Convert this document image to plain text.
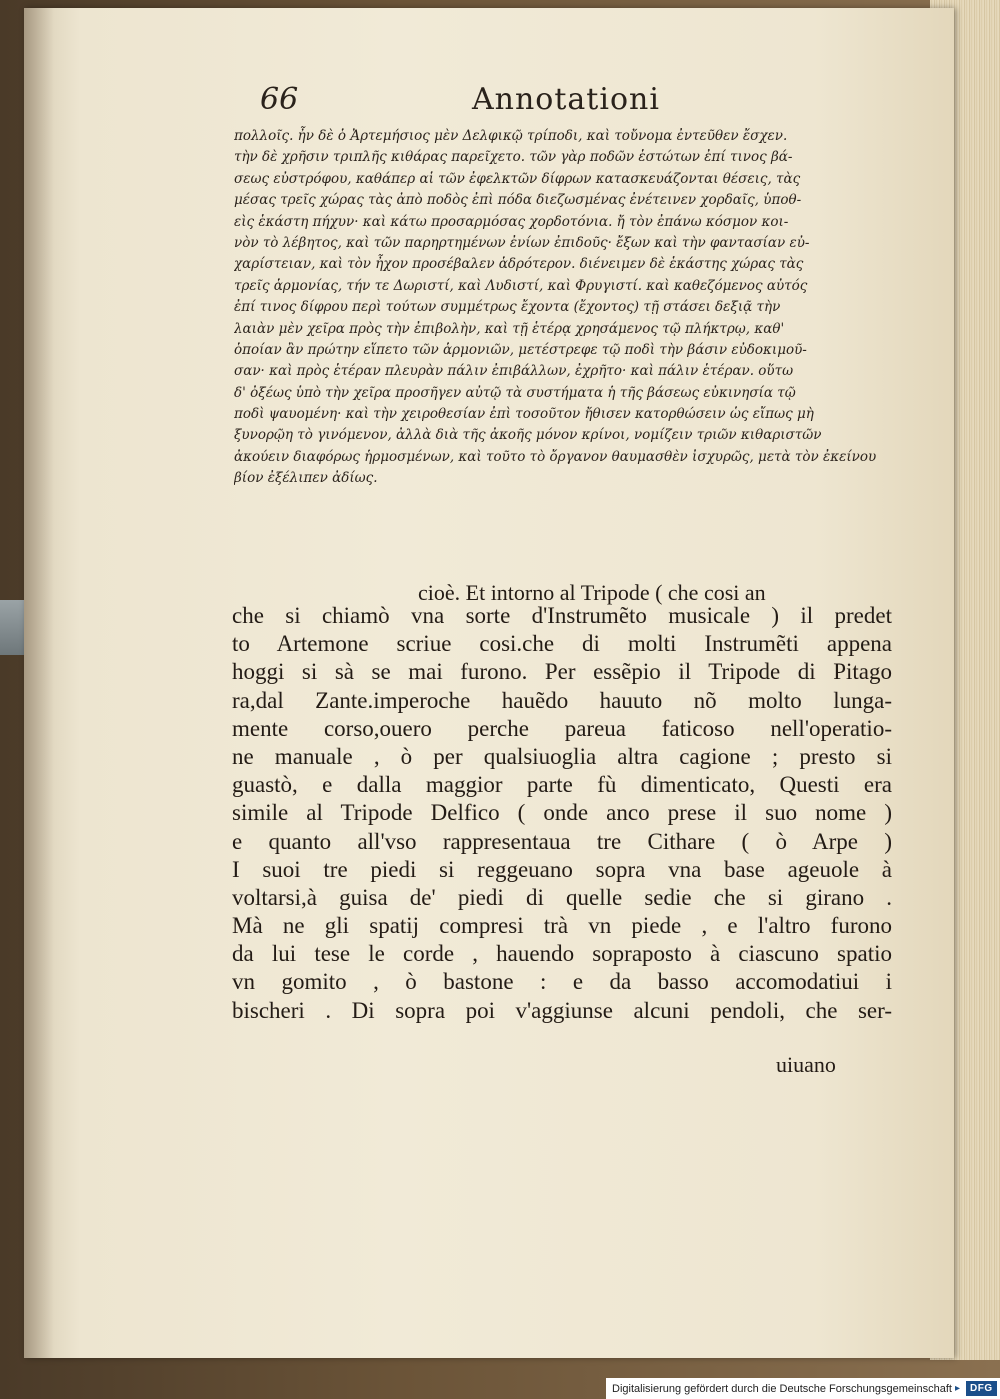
66	Annotationi
πολλοῖς. ἦν δὲ ὁ Ἀρτεμήσιος μὲν Δελφικῷ τρίποδι, καὶ τοὔνομα ἐντεῦθεν ἔσχεν.
τὴν δὲ χρῆσιν τριπλῆς κιθάρας παρεῖχετο. τῶν γὰρ ποδῶν ἑστώτων ἐπί τινος βά-
σεως εὐστρόφου, καθάπερ αἱ τῶν ἐφελκτῶν δίφρων κατασκευάζονται θέσεις, τὰς
μέσας τρεῖς χώρας τὰς ἀπὸ ποδὸς ἐπὶ πόδα διεζωσμένας ἐνέτεινεν χορδαῖς, ὑποθ-
εὶς ἑκάστη πήχυν· καὶ κάτω προσαρμόσας χορδοτόνια. ἤ τὸν ἐπάνω κόσμον κοι-
νὸν τὸ λέβητος, καὶ τῶν παρηρτημένων ἐνίων ἐπιδοῦς· ἔξων καὶ τὴν φαντασίαν εὐ-
χαρίστειαν, καὶ τὸν ἦχον προσέβαλεν ἁδρότερον. διένειμεν δὲ ἑκάστης χώρας τὰς
τρεῖς ἁρμονίας, τήν τε Δωριστί, καὶ Λυδιστί, καὶ Φρυγιστί. καὶ καθεζόμενος αὐτός
ἐπί τινος δίφρου περὶ τούτων συμμέτρως ἔχοντα (ἔχοντος) τῇ στάσει δεξιᾷ τὴν
λαιὰν μὲν χεῖρα πρὸς τὴν ἐπιβολὴν, καὶ τῇ ἑτέρᾳ χρησάμενος τῷ πλήκτρῳ, καθ'
ὁποίαν ἂν πρώτην εἵπετο τῶν ἁρμονιῶν, μετέστρεφε τῷ ποδὶ τὴν βάσιν εὐδοκιμοῦ-
σαν· καὶ πρὸς ἑτέραν πλευρὰν πάλιν ἐπιβάλλων, ἐχρῆτο· καὶ πάλιν ἑτέραν. οὕτω
δ' ὀξέως ὑπὸ τὴν χεῖρα προσῆγεν αὐτῷ τὰ συστήματα ἡ τῆς βάσεως εὐκινησία τῷ
ποδὶ ψαυομένη· καὶ τὴν χειροθεσίαν ἐπὶ τοσοῦτον ἤθισεν κατορθώσειν ὡς εἴπως μὴ
ξυνορῷη τὸ γινόμενον, ἀλλὰ διὰ τῆς ἀκοῆς μόνον κρίνοι, νομίζειν τριῶν κιθαριστῶν
ἀκούειν διαφόρως ἡρμοσμένων, καὶ τοῦτο τὸ ὄργανον θαυμασθὲν ἰσχυρῶς, μετὰ τὸν ἐκείνου
βίον ἐξέλιπεν ἀδίως.
cioè. Et intorno al Tripode ( che cosi an
che si chiamò vna sorte d'Instrumẽto musicale ) il predet
to Artemone scriue cosi.che di molti Instrumẽti appena
hoggi si sà se mai furono. Per essẽpio il Tripode di Pitago
ra,dal Zante.imperoche hauẽdo hauuto nõ molto lunga-
mente corso,ouero perche pareua faticoso nell'operatio-
ne manuale , ò per qualsiuoglia altra cagione ; presto si
guastò, e dalla maggior parte fù dimenticato, Questi era
simile al Tripode Delfico ( onde anco prese il suo nome )
e quanto all'vso rappresentaua tre Cithare ( ò Arpe )
I suoi tre piedi si reggeuano sopra vna base ageuole à
voltarsi,à guisa de' piedi di quelle sedie che si girano .
Mà ne gli spatij compresi trà vn piede , e l'altro furono
da lui tese le corde , hauendo sopraposto à ciascuno spatio
vn gomito , ò bastone : e da basso accomodatiui i
bischeri . Di sopra poi v'aggiunse alcuni pendoli, che ser-
uiuano
Digitalisierung gefördert durch die Deutsche Forschungsgemeinschaft ▸	DFG
